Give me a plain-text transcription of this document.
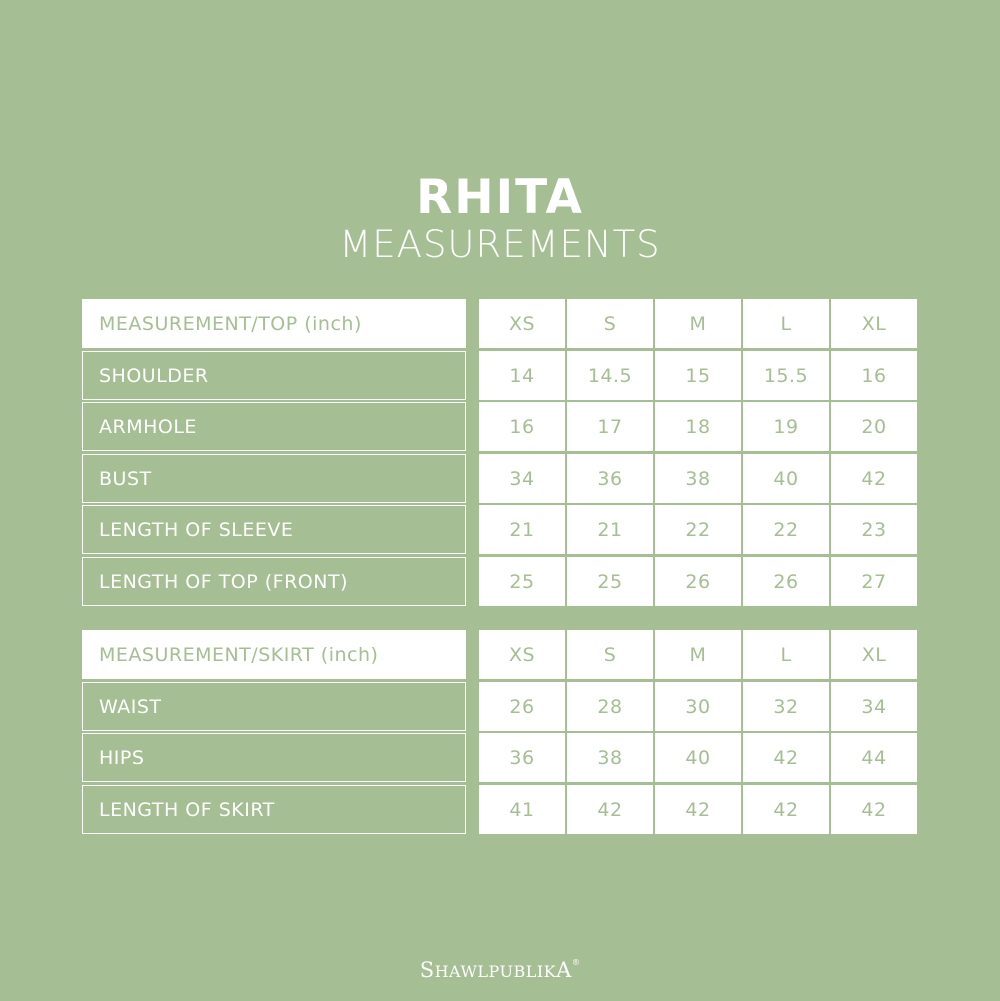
RHITA
MEASUREMENTS
MEASUREMENT/TOP (inch)	XS	S	M	L	XL
SHOULDER	14	14.5	15	15.5	16
ARMHOLE	16	17	18	19	20
BUST	34	36	38	40	42
LENGTH OF SLEEVE	21	21	22	22	23
LENGTH OF TOP (FRONT)	25	25	26	26	27
MEASUREMENT/SKIRT (inch)	XS	S	M	L	XL
WAIST	26	28	30	32	34
HIPS	36	38	40	42	44
LENGTH OF SKIRT	41	42	42	42	42
SHAWLPUBLIKA®
